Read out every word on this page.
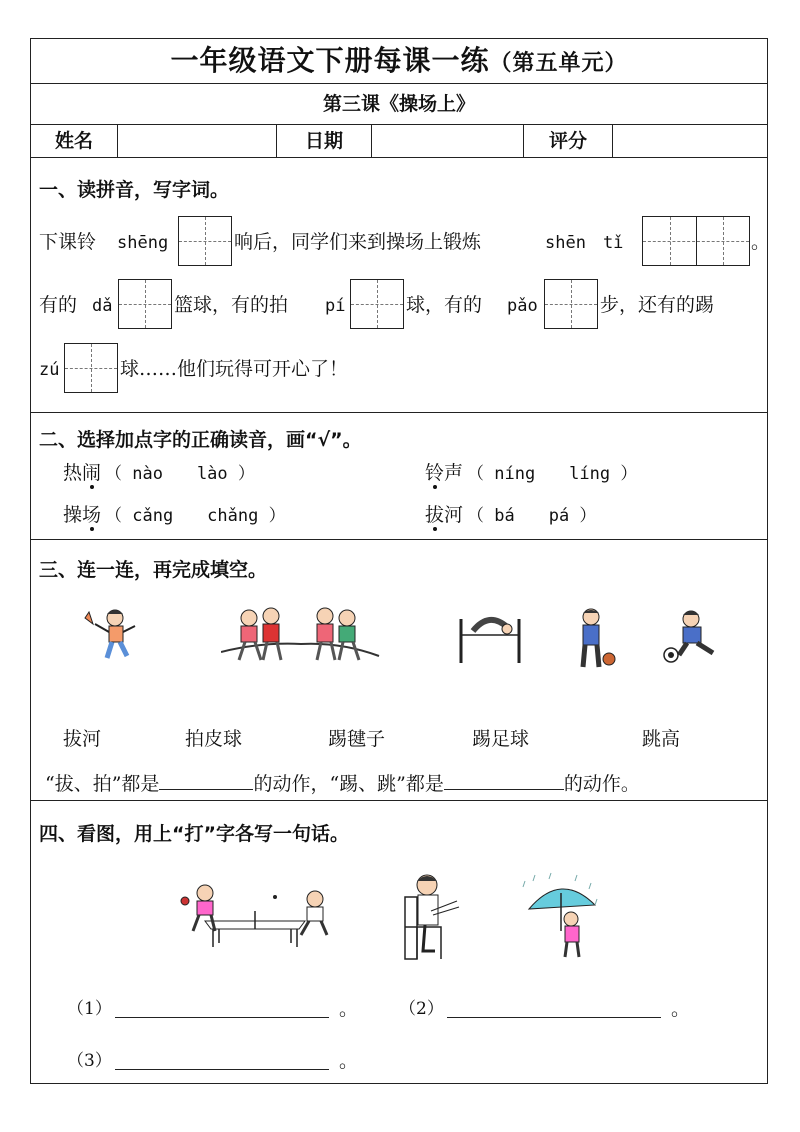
一年级语文下册每课一练（第五单元）
第三课《操场上》
姓名	日期	评分
一、读拼音，写字词。
下课铃 shēng	响后，同学们来到操场上锻炼	shēn　tǐ	。
有的 dǎ	篮球，有的拍 pí	球，有的 pǎo	步，还有的踢
zú	球……他们玩得可开心了！
二、选择加点字的正确读音，画“√”。
热闹 （ nào　　lào ）	铃声 （ níng　　líng ）
操场 （ cǎng　　chǎng ）	拔河 （ bá　　pá ）
三、连一连，再完成填空。
拔河	拍皮球	踢毽子	踢足球	跳高
“拔、拍”都是	的动作，“踢、跳”都是	的动作。
四、看图，用上“打”字各写一句话。
（1）	。 （2）	。
（3）	。
